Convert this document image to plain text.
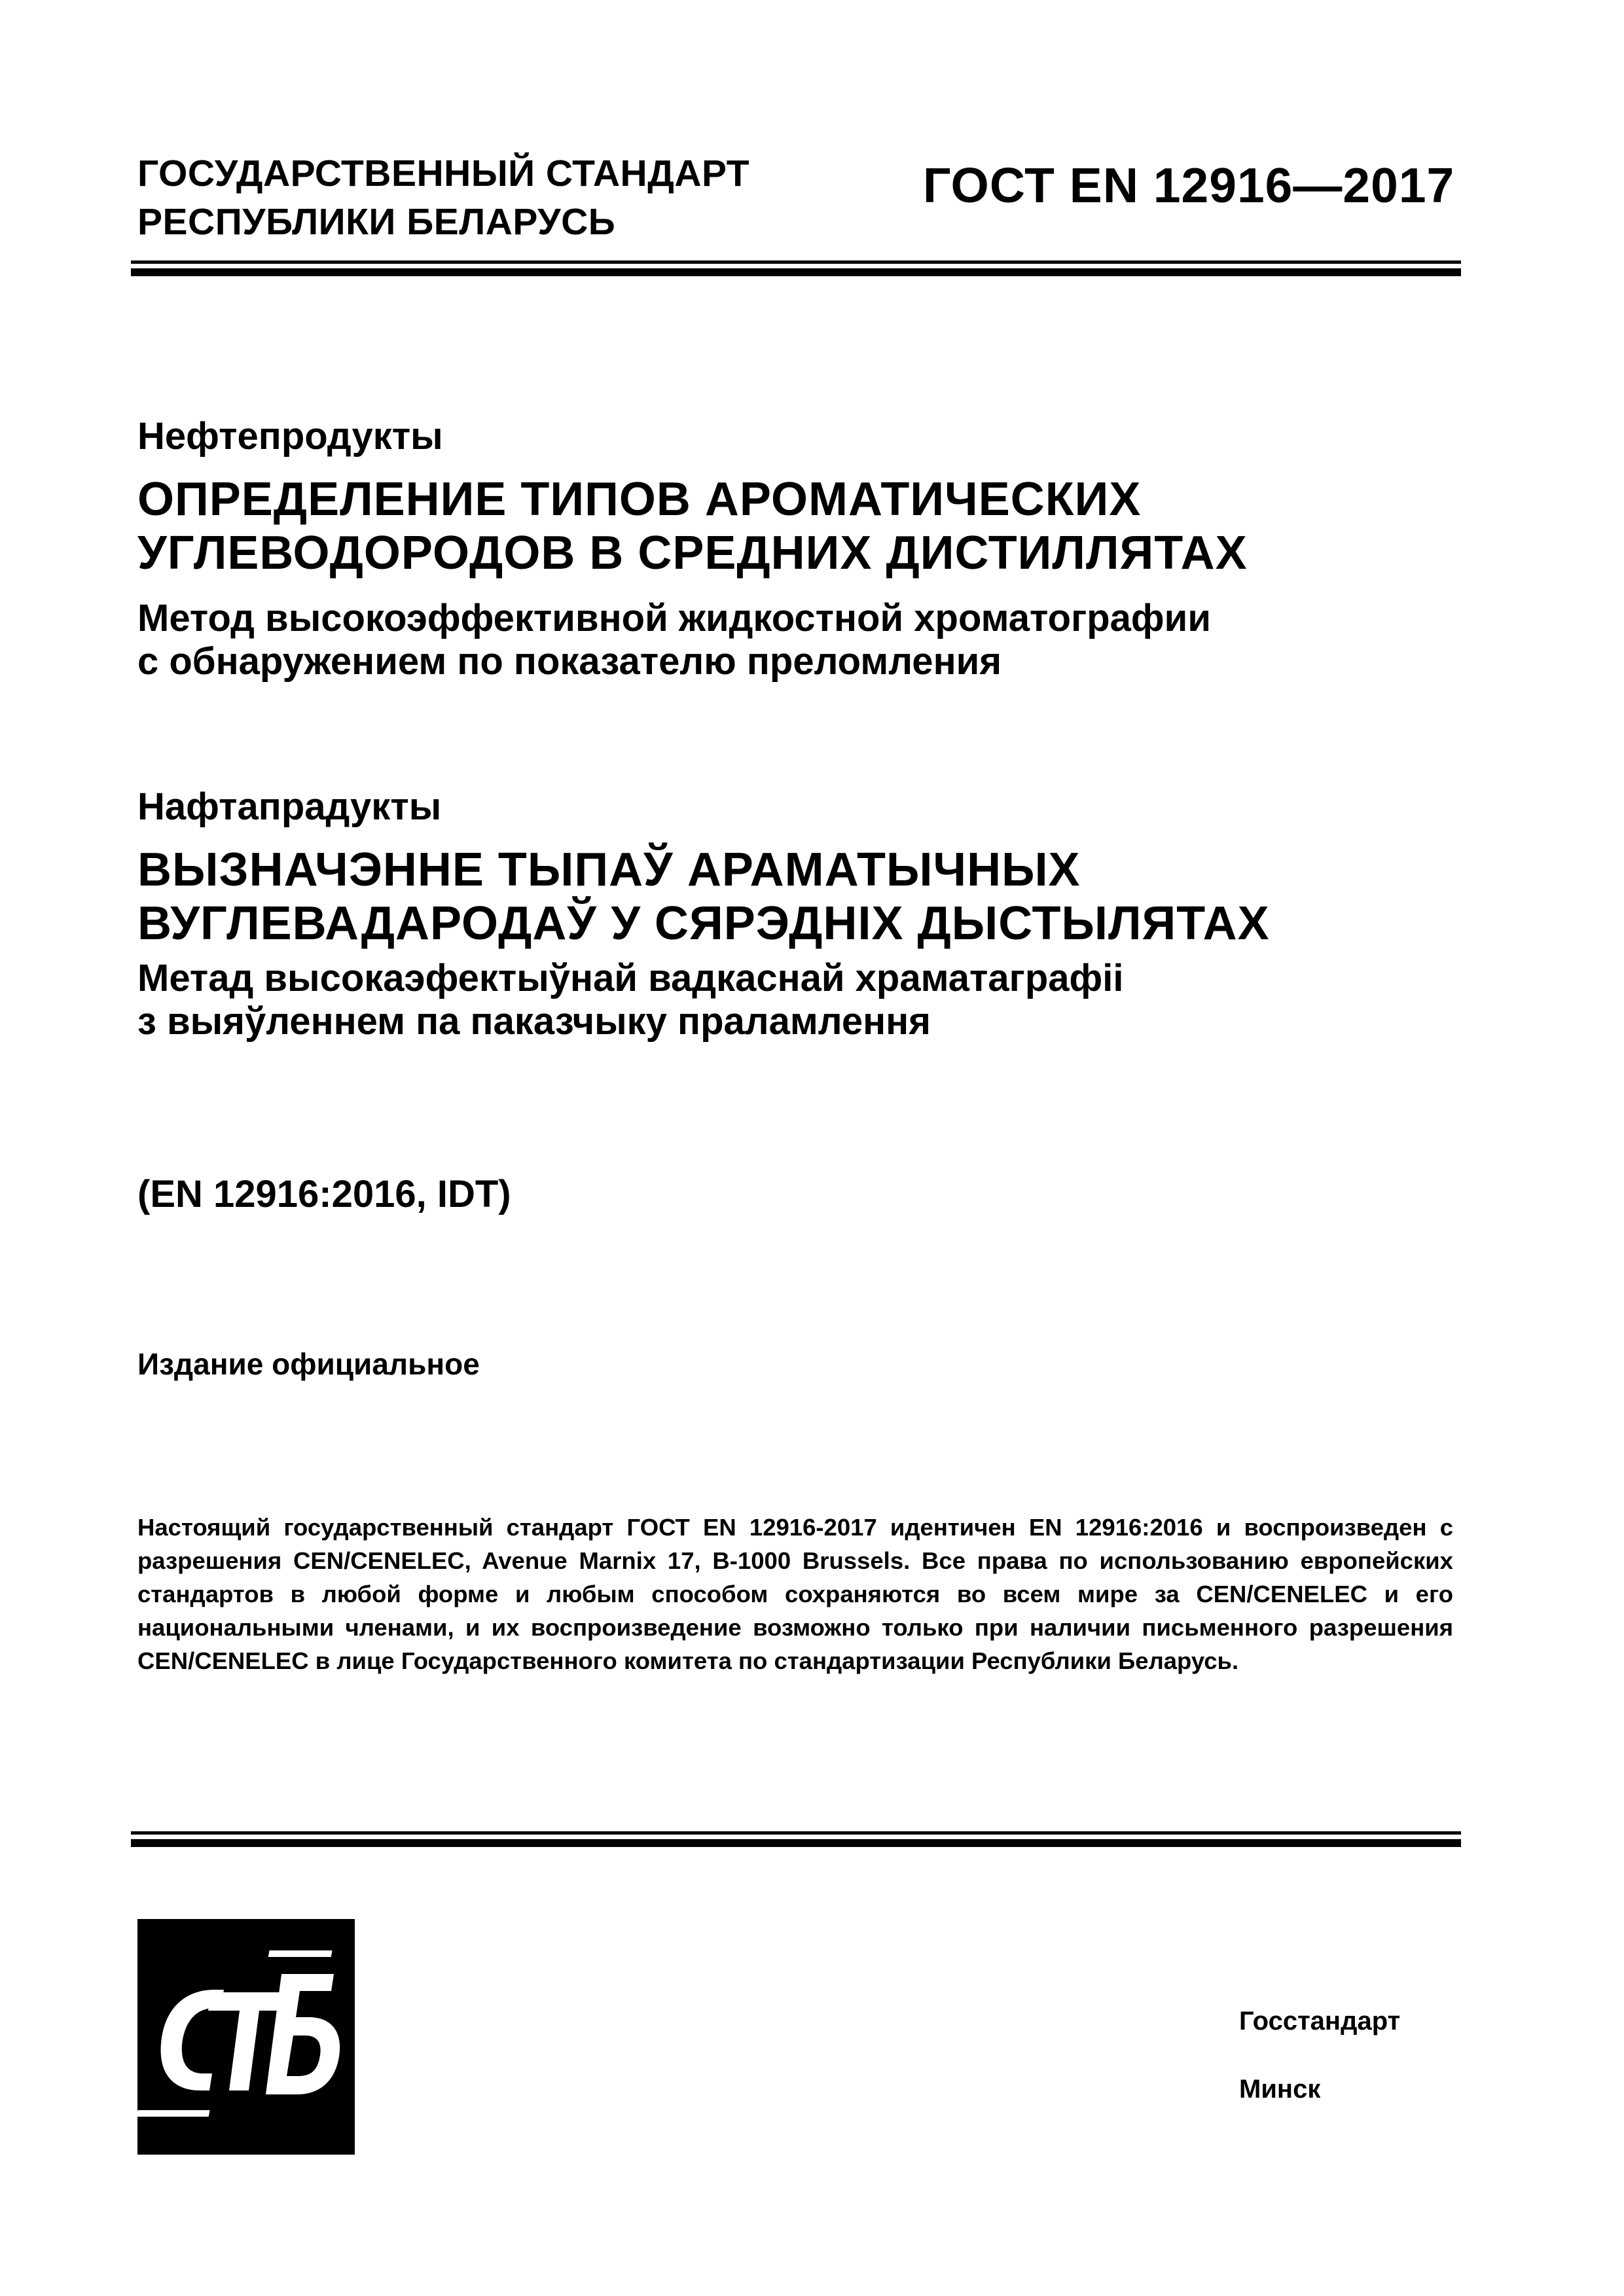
ГОСУДАРСТВЕННЫЙ СТАНДАРТ
РЕСПУБЛИКИ БЕЛАРУСЬ
ГОСТ EN 12916—2017
Нефтепродукты
ОПРЕДЕЛЕНИЕ ТИПОВ АРОМАТИЧЕСКИХ
УГЛЕВОДОРОДОВ В СРЕДНИХ ДИСТИЛЛЯТАХ
Метод высокоэффективной жидкостной хроматографии
с обнаружением по показателю преломления
Нафтапрадукты
ВЫЗНАЧЭННЕ ТЫПАЎ АРАМАТЫЧНЫХ
ВУГЛЕВАДАРОДАЎ У СЯРЭДНІХ ДЫСТЫЛЯТАХ
Метад высокаэфектыўнай вадкаснай храматаграфіі
з выяўленнем па паказчыку праламлення
(EN 12916:2016, IDT)
Издание официальное

Настоящий государственный стандарт ГОСТ EN 12916-2017 идентичен EN 12916:2016 и воспроизведен с разрешения CEN/CENELEC, Avenue Marnix 17, B-1000 Brussels. Все права по использованию европейских стандартов в любой форме и любым способом сохраняются во всем мире за CEN/CENELEC и его национальными членами, и их воспроизведение возможно только при наличии письменного разрешения CEN/CENELEC в лице Государственного комитета по стандартизации Республики Беларусь.

Госстандарт
Минск
